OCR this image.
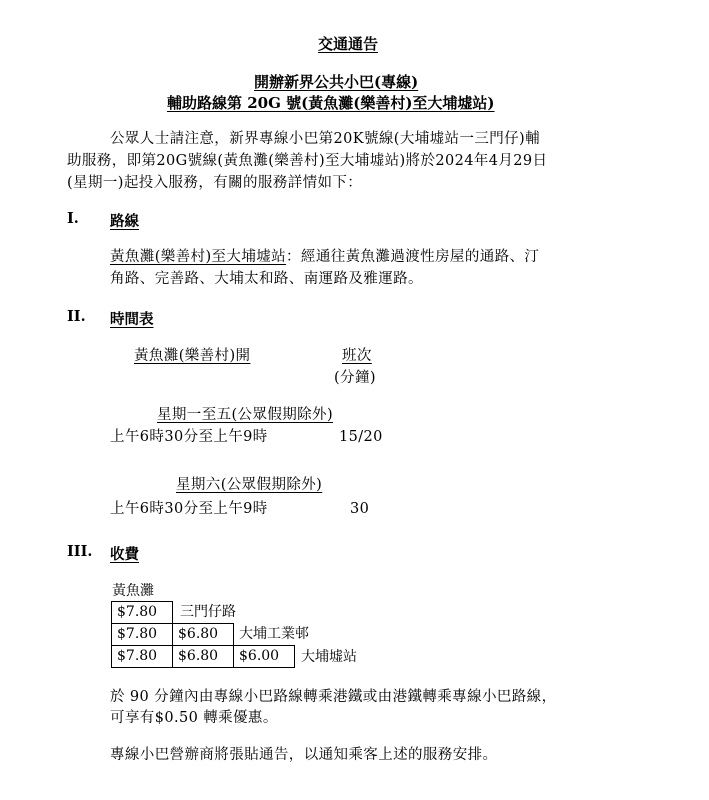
交通通告
開辦新界公共小巴(專線)
輔助路線第 20G 號(黃魚灘(樂善村)至大埔墟站)
公眾人士請注意，新界專線小巴第20K號線(大埔墟站一三門仔)輔
助服務，即第20G號線(黃魚灘(樂善村)至大埔墟站)將於2024年4月29日
(星期一)起投入服務，有關的服務詳情如下：
I. 路線
黃魚灘(樂善村)至大埔墟站：經通往黃魚灘過渡性房屋的通路、汀
角路、完善路、大埔太和路、南運路及雅運路。
II. 時間表
黃魚灘(樂善村)開	班次
(分鐘)
星期一至五(公眾假期除外)
上午6時30分至上午9時	15/20
星期六(公眾假期除外)
上午6時30分至上午9時	30
III. 收費
黃魚灘
$7.80	三門仔路
$7.80	$6.80	大埔工業邨
$7.80	$6.80	$6.00	大埔墟站
於 90 分鐘內由專線小巴路線轉乘港鐵或由港鐵轉乘專線小巴路線，
可享有$0.50 轉乘優惠。
專線小巴營辦商將張貼通告，以通知乘客上述的服務安排。
